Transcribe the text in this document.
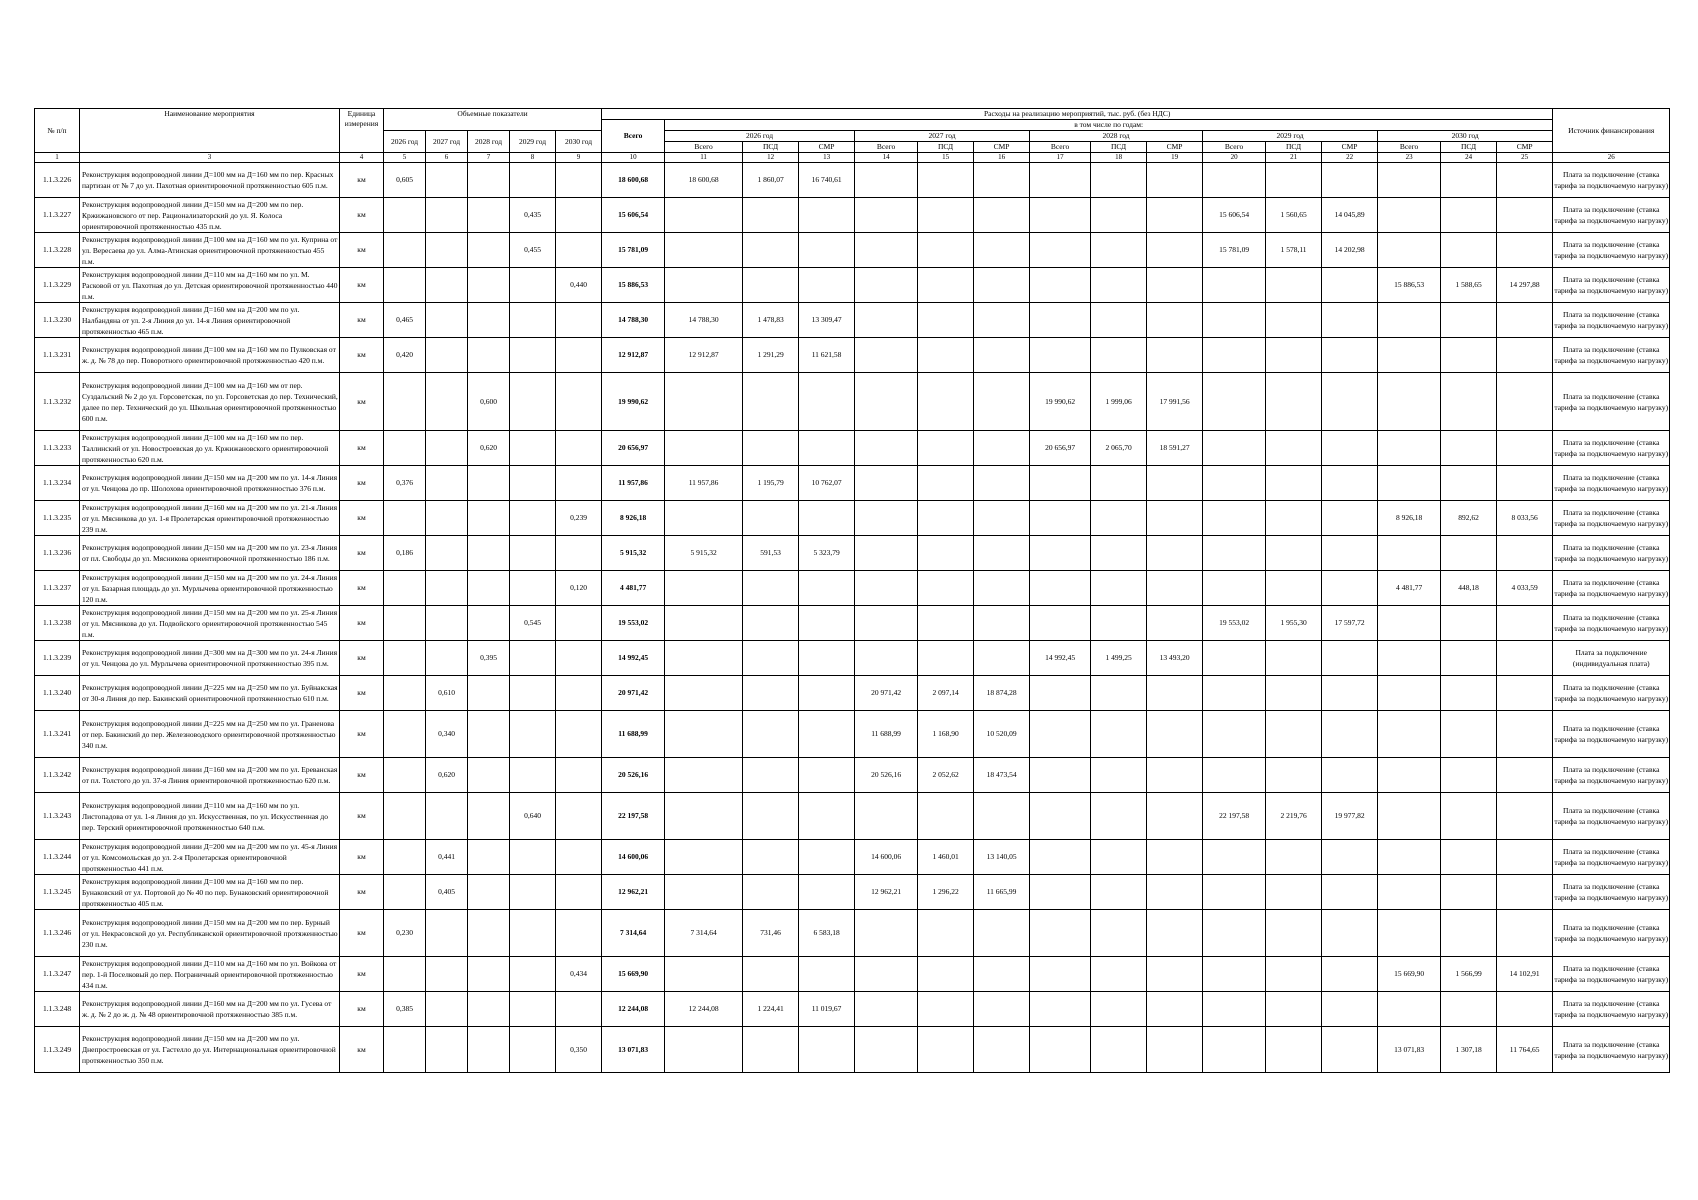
№ п/п	Наименование мероприятия	Единица измерения	Объемные показатели					Расходы на реализацию мероприятий, тыс. руб. (без НДС)																Источник финансирования
								Всего	в том числе по годам:															
			2026 год	2027 год	2028 год	2029 год	2030 год		2026 год			2027 год			2028 год			2029 год			2030 год			
									Всего	ПСД	СМР	Всего	ПСД	СМР	Всего	ПСД	СМР	Всего	ПСД	СМР	Всего	ПСД	СМР	
1	3	4	5	6	7	8	9	10	11	12	13	14	15	16	17	18	19	20	21	22	23	24	25	26
1.1.3.226	Реконструкция водопроводной линии Д=100 мм на Д=160 мм по пер. Красных партизан от № 7 до ул. Пахотная ориентировочной протяженностью 605 п.м.	км	0,605					18 600,68	18 600,68	1 860,07	16 740,61													Плата за подключение (ставка тарифа за подключаемую нагрузку)
1.1.3.227	Реконструкция водопроводной линии Д=150 мм на Д=200 мм по пер. Кржижановского от пер. Рационализаторский до ул. Я. Колоса ориентировочной протяженностью 435 п.м.	км				0,435		15 606,54										15 606,54	1 560,65	14 045,89				Плата за подключение (ставка тарифа за подключаемую нагрузку)
1.1.3.228	Реконструкция водопроводной линии Д=100 мм на Д=160 мм по ул. Куприна от ул. Вересаева до ул. Алма-Атинская ориентировочной протяженностью 455 п.м.	км				0,455		15 781,09										15 781,09	1 578,11	14 202,98				Плата за подключение (ставка тарифа за подключаемую нагрузку)
1.1.3.229	Реконструкция водопроводной линии Д=110 мм на Д=160 мм по ул. М. Расковой от ул. Пахотная до ул. Детская ориентировочной протяженностью 440 п.м.	км					0,440	15 886,53													15 886,53	1 588,65	14 297,88	Плата за подключение (ставка тарифа за подключаемую нагрузку)
1.1.3.230	Реконструкция водопроводной линии Д=160 мм на Д=200 мм по ул. Налбандяна от ул. 2-я Линия до ул. 14-я Линия ориентировочной протяженностью 465 п.м.	км	0,465					14 788,30	14 788,30	1 478,83	13 309,47													Плата за подключение (ставка тарифа за подключаемую нагрузку)
1.1.3.231	Реконструкция водопроводной линии Д=100 мм на Д=160 мм по Пулковская от ж. д. № 78 до пер. Поворотного ориентировочной протяженностью 420 п.м.	км	0,420					12 912,87	12 912,87	1 291,29	11 621,58													Плата за подключение (ставка тарифа за подключаемую нагрузку)
1.1.3.232	Реконструкция водопроводной линии Д=100 мм на Д=160 мм от пер. Суздальский № 2 до ул. Горсоветская, по ул. Горсоветская до пер. Технический, далее по пер. Технический до ул. Школьная ориентировочной протяженностью 600 п.м.	км			0,600			19 990,62							19 990,62	1 999,06	17 991,56							Плата за подключение (ставка тарифа за подключаемую нагрузку)
1.1.3.233	Реконструкция водопроводной линии Д=100 мм на Д=160 мм по пер. Таллинский от ул. Новостроевская до ул. Кржижановского ориентировочной протяженностью 620 п.м.	км			0,620			20 656,97							20 656,97	2 065,70	18 591,27							Плата за подключение (ставка тарифа за подключаемую нагрузку)
1.1.3.234	Реконструкция водопроводной линии Д=150 мм на Д=200 мм по ул. 14-я Линия от ул. Ченцова до пр. Шолохова ориентировочной протяженностью 376 п.м.	км	0,376					11 957,86	11 957,86	1 195,79	10 762,07													Плата за подключение (ставка тарифа за подключаемую нагрузку)
1.1.3.235	Реконструкция водопроводной линии Д=160 мм на Д=200 мм по ул. 21-я Линия от ул. Мясникова до ул. 1-я Пролетарская ориентировочной протяженностью 239 п.м.	км					0,239	8 926,18													8 926,18	892,62	8 033,56	Плата за подключение (ставка тарифа за подключаемую нагрузку)
1.1.3.236	Реконструкция водопроводной линии Д=150 мм на Д=200 мм по ул. 23-я Линия от пл. Свободы до ул. Мясникова ориентировочной протяженностью 186 п.м.	км	0,186					5 915,32	5 915,32	591,53	5 323,79													Плата за подключение (ставка тарифа за подключаемую нагрузку)
1.1.3.237	Реконструкция водопроводной линии Д=150 мм на Д=200 мм по ул. 24-я Линия от ул. Базарная площадь до ул. Мурлычева ориентировочной протяженностью 120 п.м.	км					0,120	4 481,77													4 481,77	448,18	4 033,59	Плата за подключение (ставка тарифа за подключаемую нагрузку)
1.1.3.238	Реконструкция водопроводной линии Д=150 мм на Д=200 мм по ул. 25-я Линия от ул. Мясникова до ул. Подвойского ориентировочной протяженностью 545 п.м.	км				0,545		19 553,02										19 553,02	1 955,30	17 597,72				Плата за подключение (ставка тарифа за подключаемую нагрузку)
1.1.3.239	Реконструкция водопроводной линии Д=300 мм на Д=300 мм по ул. 24-я Линия от ул. Ченцова до ул. Мурлычева ориентировочной протяженностью 395 п.м.	км			0,395			14 992,45							14 992,45	1 499,25	13 493,20							Плата за подключение (индивидуальная плата)
1.1.3.240	Реконструкция водопроводной линии Д=225 мм на Д=250 мм по ул. Буйнакская от 30-я Линия до пер. Бакинский ориентировочной протяженностью 610 п.м.	км		0,610				20 971,42				20 971,42	2 097,14	18 874,28										Плата за подключение (ставка тарифа за подключаемую нагрузку)
1.1.3.241	Реконструкция водопроводной линии Д=225 мм на Д=250 мм по ул. Граненова от пер. Бакинский до пер. Железноводского ориентировочной протяженностью 340 п.м.	км		0,340				11 688,99				11 688,99	1 168,90	10 520,09										Плата за подключение (ставка тарифа за подключаемую нагрузку)
1.1.3.242	Реконструкция водопроводной линии Д=160 мм на Д=200 мм по ул. Ереванская от пл. Толстого до ул. 37-я Линия ориентировочной протяженностью 620 п.м.	км		0,620				20 526,16				20 526,16	2 052,62	18 473,54										Плата за подключение (ставка тарифа за подключаемую нагрузку)
1.1.3.243	Реконструкция водопроводной линии Д=110 мм на Д=160 мм по ул. Листопадова от ул. 1-я Линия до ул. Искусственная, по ул. Искусственная до пер. Терский ориентировочной протяженностью 640 п.м.	км				0,640		22 197,58										22 197,58	2 219,76	19 977,82				Плата за подключение (ставка тарифа за подключаемую нагрузку)
1.1.3.244	Реконструкция водопроводной линии Д=200 мм на Д=200 мм по ул. 45-я Линия от ул. Комсомольская до ул. 2-я Пролетарская ориентировочной протяженностью 441 п.м.	км		0,441				14 600,06				14 600,06	1 460,01	13 140,05										Плата за подключение (ставка тарифа за подключаемую нагрузку)
1.1.3.245	Реконструкция водопроводной линии Д=100 мм на Д=160 мм по пер. Бунаковский от ул. Портовой до № 40 по пер. Бунаковский ориентировочной протяженностью 405 п.м.	км		0,405				12 962,21				12 962,21	1 296,22	11 665,99										Плата за подключение (ставка тарифа за подключаемую нагрузку)
1.1.3.246	Реконструкция водопроводной линии Д=150 мм на Д=200 мм по пер. Бурный от ул. Некрасовской до ул. Республиканской ориентировочной протяженностью 230 п.м.	км	0,230					7 314,64	7 314,64	731,46	6 583,18													Плата за подключение (ставка тарифа за подключаемую нагрузку)
1.1.3.247	Реконструкция водопроводной линии Д=110 мм на Д=160 мм по ул. Войкова от пер. 1-й Поселковый до пер. Пограничный ориентировочной протяженностью 434 п.м.	км					0,434	15 669,90													15 669,90	1 566,99	14 102,91	Плата за подключение (ставка тарифа за подключаемую нагрузку)
1.1.3.248	Реконструкция водопроводной линии Д=160 мм на Д=200 мм по ул. Гусева от ж. д. № 2 до ж. д. № 48 ориентировочной протяженностью 385 п.м.	км	0,385					12 244,08	12 244,08	1 224,41	11 019,67													Плата за подключение (ставка тарифа за подключаемую нагрузку)
1.1.3.249	Реконструкция водопроводной линии Д=150 мм на Д=200 мм по ул. Днепростроевская от ул. Гастелло до ул. Интернациональная ориентировочной протяженностью 350 п.м.	км					0,350	13 071,83													13 071,83	1 307,18	11 764,65	Плата за подключение (ставка тарифа за подключаемую нагрузку)
